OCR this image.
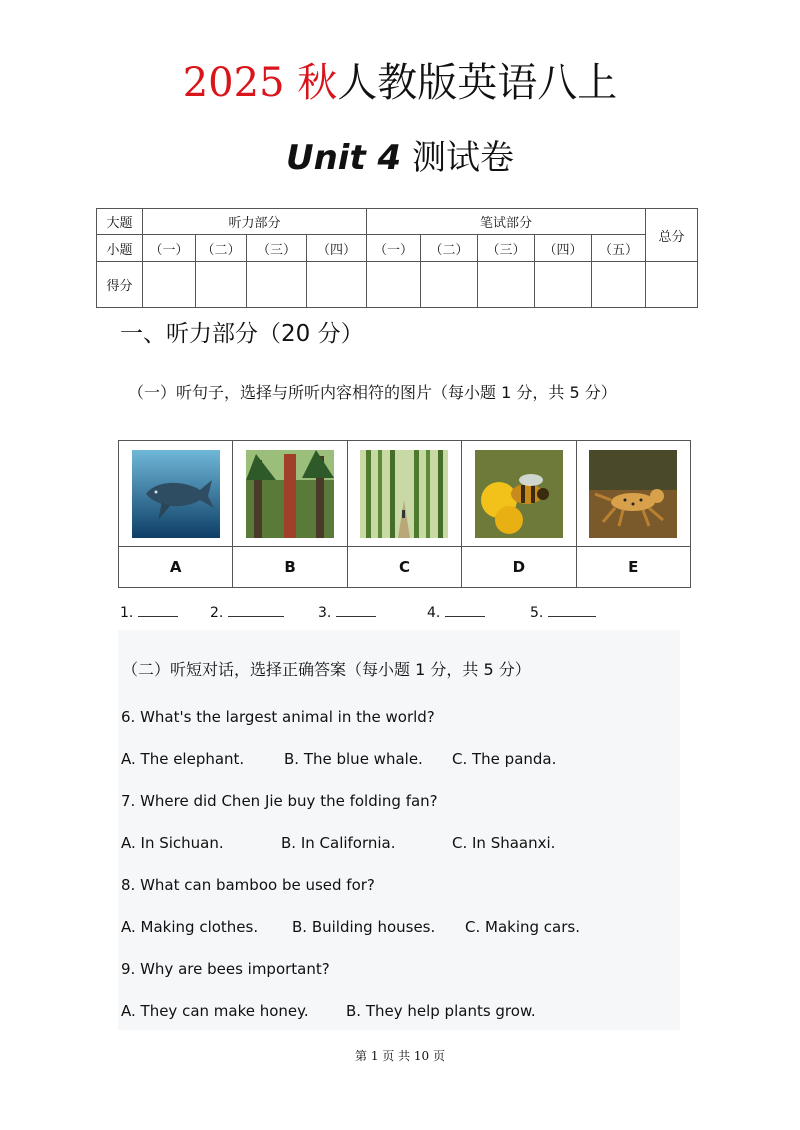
2025 秋人教版英语八上
Unit 4 测试卷
大题	听力部分				笔试部分					总分
小题	（一）	（二）	（三）	（四）	（一）	（二）	（三）	（四）	（五）	
得分										
一、听力部分（20 分）
（一）听句子，选择与所听内容相符的图片（每小题 1 分，共 5 分）

A	B	C	D	E
1.	2.	3.	4.	5.
（二）听短对话，选择正确答案（每小题 1 分，共 5 分）
6. What's the largest animal in the world?
A. The elephant.	B. The blue whale. C. The panda.
7. Where did Chen Jie buy the folding fan?
A. In Sichuan.	B. In California.	C. In Shaanxi.
8. What can bamboo be used for?
A. Making clothes. B. Building houses. C. Making cars.
9. Why are bees important?
A. They can make honey. B. They help plants grow.
第 1 页 共 10 页
